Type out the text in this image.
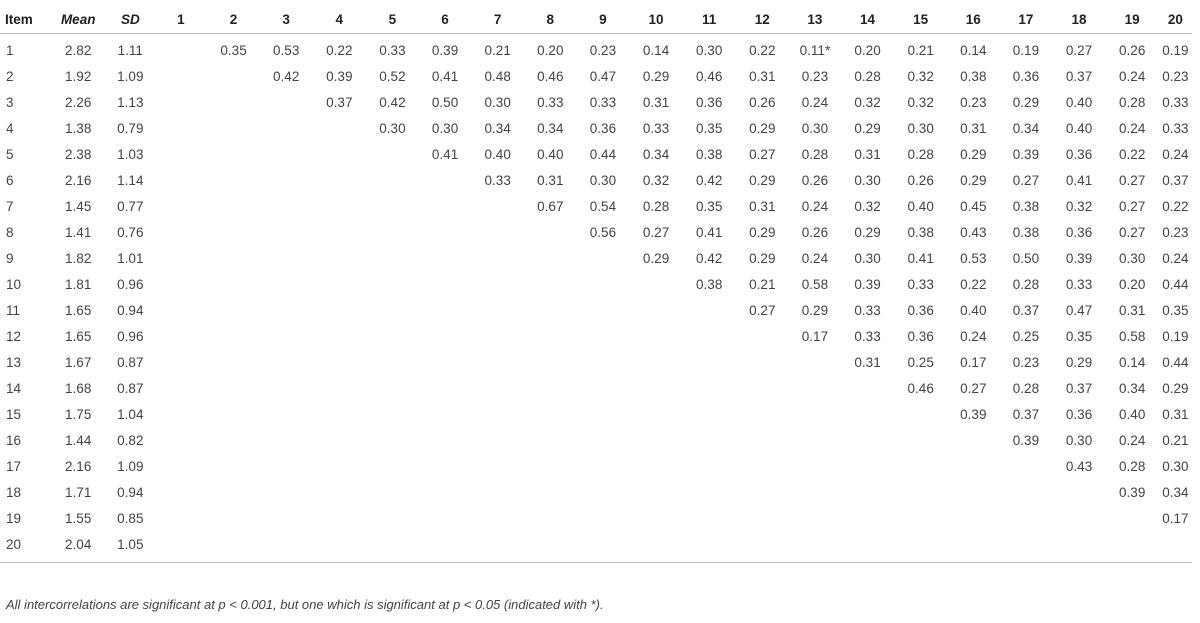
Item	Mean	SD	1	2	3	4	5	6	7	8	9	10	11	12	13	14	15	16	17	18	19	20
1	2.82	1.11		0.35	0.53	0.22	0.33	0.39	0.21	0.20	0.23	0.14	0.30	0.22	0.11*	0.20	0.21	0.14	0.19	0.27	0.26	0.19
2	1.92	1.09			0.42	0.39	0.52	0.41	0.48	0.46	0.47	0.29	0.46	0.31	0.23	0.28	0.32	0.38	0.36	0.37	0.24	0.23
3	2.26	1.13				0.37	0.42	0.50	0.30	0.33	0.33	0.31	0.36	0.26	0.24	0.32	0.32	0.23	0.29	0.40	0.28	0.33
4	1.38	0.79					0.30	0.30	0.34	0.34	0.36	0.33	0.35	0.29	0.30	0.29	0.30	0.31	0.34	0.40	0.24	0.33
5	2.38	1.03						0.41	0.40	0.40	0.44	0.34	0.38	0.27	0.28	0.31	0.28	0.29	0.39	0.36	0.22	0.24
6	2.16	1.14							0.33	0.31	0.30	0.32	0.42	0.29	0.26	0.30	0.26	0.29	0.27	0.41	0.27	0.37
7	1.45	0.77								0.67	0.54	0.28	0.35	0.31	0.24	0.32	0.40	0.45	0.38	0.32	0.27	0.22
8	1.41	0.76									0.56	0.27	0.41	0.29	0.26	0.29	0.38	0.43	0.38	0.36	0.27	0.23
9	1.82	1.01										0.29	0.42	0.29	0.24	0.30	0.41	0.53	0.50	0.39	0.30	0.24
10	1.81	0.96											0.38	0.21	0.58	0.39	0.33	0.22	0.28	0.33	0.20	0.44
11	1.65	0.94												0.27	0.29	0.33	0.36	0.40	0.37	0.47	0.31	0.35
12	1.65	0.96													0.17	0.33	0.36	0.24	0.25	0.35	0.58	0.19
13	1.67	0.87														0.31	0.25	0.17	0.23	0.29	0.14	0.44
14	1.68	0.87															0.46	0.27	0.28	0.37	0.34	0.29
15	1.75	1.04																0.39	0.37	0.36	0.40	0.31
16	1.44	0.82																	0.39	0.30	0.24	0.21
17	2.16	1.09																		0.43	0.28	0.30
18	1.71	0.94																			0.39	0.34
19	1.55	0.85																				0.17
20	2.04	1.05																				
All intercorrelations are significant at p < 0.001, but one which is significant at p < 0.05 (indicated with *).
